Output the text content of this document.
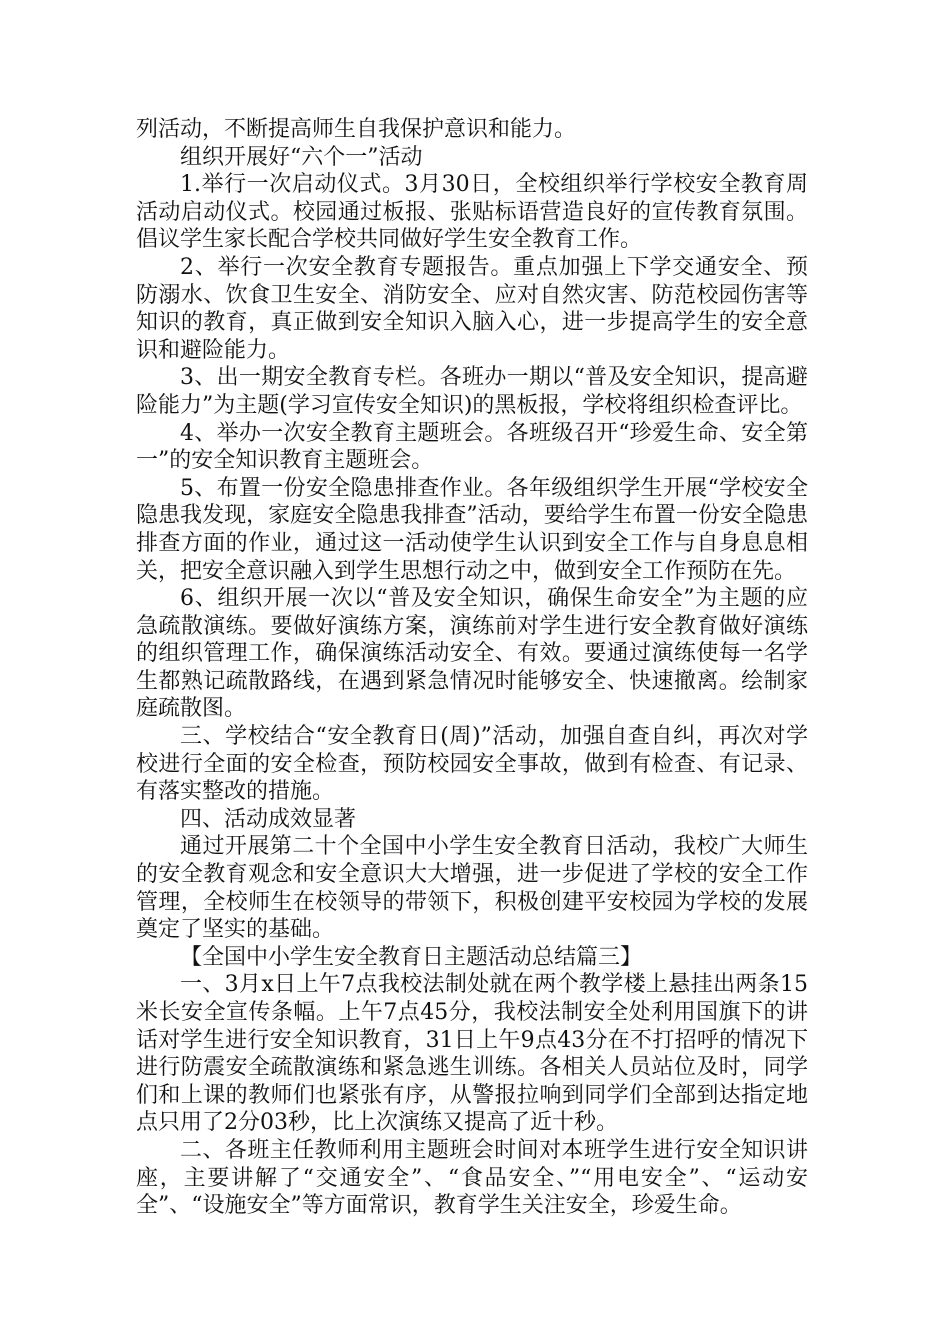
列活动，不断提高师生自我保护意识和能力。

组织开展好“六个一”活动

1.举行一次启动仪式。3月30日，全校组织举行学校安全教育周活动启动仪式。校园通过板报、张贴标语营造良好的宣传教育氛围。倡议学生家长配合学校共同做好学生安全教育工作。

2、举行一次安全教育专题报告。重点加强上下学交通安全、预防溺水、饮食卫生安全、消防安全、应对自然灾害、防范校园伤害等知识的教育，真正做到安全知识入脑入心，进一步提高学生的安全意识和避险能力。

3、出一期安全教育专栏。各班办一期以“普及安全知识，提高避险能力”为主题(学习宣传安全知识)的黑板报，学校将组织检查评比。

4、举办一次安全教育主题班会。各班级召开“珍爱生命、安全第一”的安全知识教育主题班会。

5、布置一份安全隐患排查作业。各年级组织学生开展“学校安全隐患我发现，家庭安全隐患我排查”活动，要给学生布置一份安全隐患排查方面的作业，通过这一活动使学生认识到安全工作与自身息息相关，把安全意识融入到学生思想行动之中，做到安全工作预防在先。

6、组织开展一次以“普及安全知识，确保生命安全”为主题的应急疏散演练。要做好演练方案，演练前对学生进行安全教育做好演练的组织管理工作，确保演练活动安全、有效。要通过演练使每一名学生都熟记疏散路线，在遇到紧急情况时能够安全、快速撤离。绘制家庭疏散图。

三、学校结合“安全教育日(周)”活动，加强自查自纠，再次对学校进行全面的安全检查，预防校园安全事故，做到有检查、有记录、有落实整改的措施。

四、活动成效显著

通过开展第二十个全国中小学生安全教育日活动，我校广大师生的安全教育观念和安全意识大大增强，进一步促进了学校的安全工作管理，全校师生在校领导的带领下，积极创建平安校园为学校的发展奠定了坚实的基础。

【全国中小学生安全教育日主题活动总结篇三】

一、3月x日上午7点我校法制处就在两个教学楼上悬挂出两条15米长安全宣传条幅。上午7点45分，我校法制安全处利用国旗下的讲话对学生进行安全知识教育，31日上午9点43分在不打招呼的情况下进行防震安全疏散演练和紧急逃生训练。各相关人员站位及时，同学们和上课的教师们也紧张有序，从警报拉响到同学们全部到达指定地点只用了2分03秒，比上次演练又提高了近十秒。

二、各班主任教师利用主题班会时间对本班学生进行安全知识讲座，主要讲解了“交通安全”、“食品安全、”“用电安全”、“运动安全”、“设施安全”等方面常识，教育学生关注安全，珍爱生命。
